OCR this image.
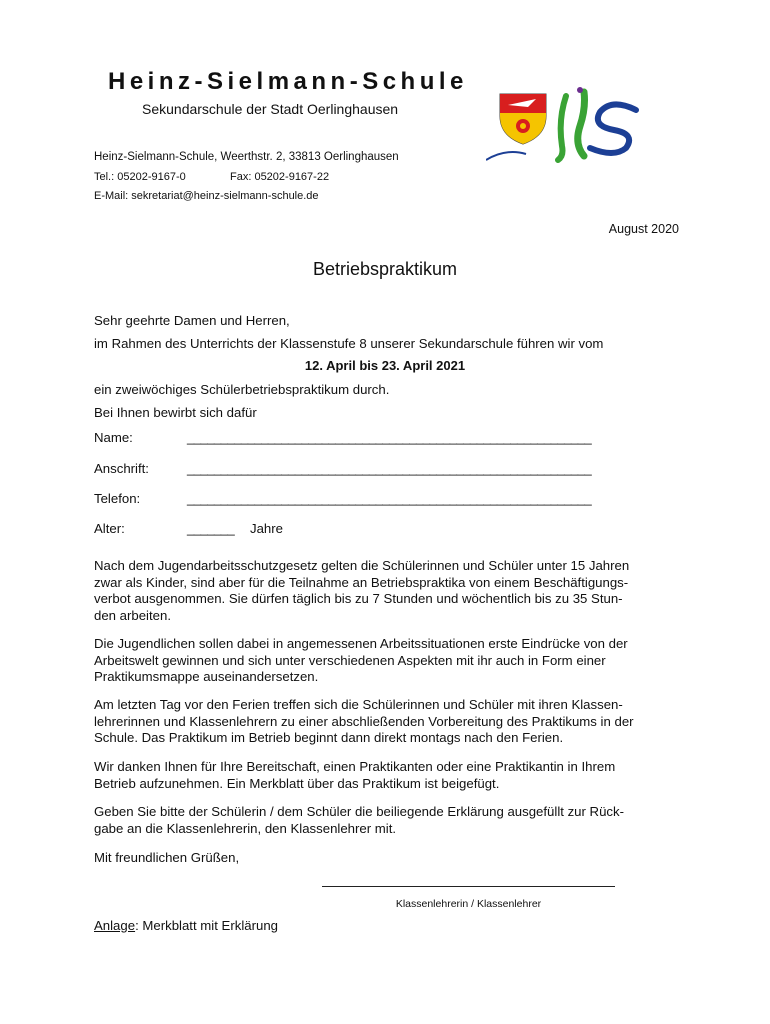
Heinz-Sielmann-Schule
Sekundarschule der Stadt Oerlinghausen
Heinz-Sielmann-Schule, Weerthstr. 2, 33813 Oerlinghausen
Tel.: 05202-9167-0	Fax: 05202-9167-22
E-Mail: sekretariat@heinz-sielmann-schule.de
August 2020
Betriebspraktikum
Sehr geehrte Damen und Herren,
im Rahmen des Unterrichts der Klassenstufe 8 unserer Sekundarschule führen wir vom
12. April bis 23. April 2021
ein zweiwöchiges Schülerbetriebspraktikum durch.
Bei Ihnen bewirbt sich dafür
Name:	____________________________________________________________
Anschrift:	____________________________________________________________
Telefon:	____________________________________________________________
Alter:	_______ Jahre
Nach dem Jugendarbeitsschutzgesetz gelten die Schülerinnen und Schüler unter 15 Jahren
zwar als Kinder, sind aber für die Teilnahme an Betriebspraktika von einem Beschäftigungs-
verbot ausgenommen. Sie dürfen täglich bis zu 7 Stunden und wöchentlich bis zu 35 Stun-
den arbeiten.
Die Jugendlichen sollen dabei in angemessenen Arbeitssituationen erste Eindrücke von der
Arbeitswelt gewinnen und sich unter verschiedenen Aspekten mit ihr auch in Form einer
Praktikumsmappe auseinandersetzen.
Am letzten Tag vor den Ferien treffen sich die Schülerinnen und Schüler mit ihren Klassen-
lehrerinnen und Klassenlehrern zu einer abschließenden Vorbereitung des Praktikums in der
Schule. Das Praktikum im Betrieb beginnt dann direkt montags nach den Ferien.
Wir danken Ihnen für Ihre Bereitschaft, einen Praktikanten oder eine Praktikantin in Ihrem
Betrieb aufzunehmen. Ein Merkblatt über das Praktikum ist beigefügt.
Geben Sie bitte der Schülerin / dem Schüler die beiliegende Erklärung ausgefüllt zur Rück-
gabe an die Klassenlehrerin, den Klassenlehrer mit.
Mit freundlichen Grüßen,
Klassenlehrerin / Klassenlehrer
Anlage: Merkblatt mit Erklärung
